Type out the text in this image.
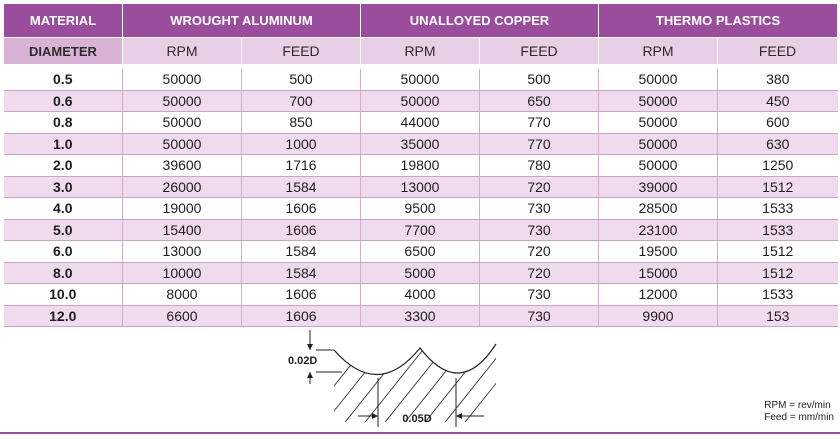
MATERIAL	WROUGHT ALUMINUM		UNALLOYED COPPER		THERMO PLASTICS	
DIAMETER	RPM	FEED	RPM	FEED	RPM	FEED

0.5	50000	500	50000	500	50000	380
0.6	50000	700	50000	650	50000	450
0.8	50000	850	44000	770	50000	600
1.0	50000	1000	35000	770	50000	630
2.0	39600	1716	19800	780	50000	1250
3.0	26000	1584	13000	720	39000	1512
4.0	19000	1606	9500	730	28500	1533
5.0	15400	1606	7700	730	23100	1533
6.0	13000	1584	6500	720	19500	1512
8.0	10000	1584	5000	720	15000	1512
10.0	8000	1606	4000	730	12000	1533
12.0	6600	1606	3300	730	9900	153
0.02D
0.05D
RPM = rev/min
Feed = mm/min
